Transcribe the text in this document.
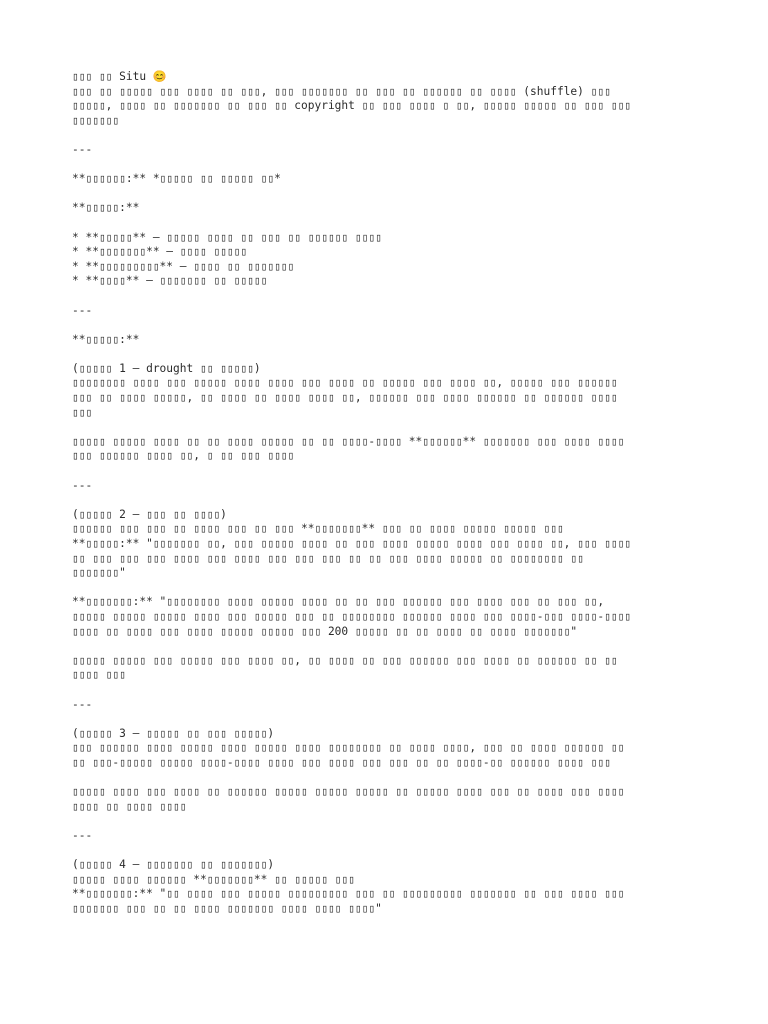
▯▯▯ ▯▯ Situ 😊
▯▯▯ ▯▯ ▯▯▯▯▯ ▯▯▯ ▯▯▯▯ ▯▯ ▯▯▯, ▯▯▯ ▯▯▯▯▯▯▯ ▯▯ ▯▯▯ ▯▯ ▯▯▯▯▯▯ ▯▯ ▯▯▯▯ (shuffle) ▯▯▯
▯▯▯▯▯, ▯▯▯▯ ▯▯ ▯▯▯▯▯▯▯ ▯▯ ▯▯▯ ▯▯ copyright ▯▯ ▯▯▯ ▯▯▯▯ ▯ ▯▯, ▯▯▯▯▯ ▯▯▯▯▯ ▯▯ ▯▯▯ ▯▯▯
▯▯▯▯▯▯▯
---
**▯▯▯▯▯▯:** *▯▯▯▯▯ ▯▯ ▯▯▯▯▯ ▯▯*
**▯▯▯▯▯:**
* **▯▯▯▯▯** – ▯▯▯▯▯ ▯▯▯▯ ▯▯ ▯▯▯ ▯▯ ▯▯▯▯▯▯ ▯▯▯▯
* **▯▯▯▯▯▯▯** – ▯▯▯▯ ▯▯▯▯▯
* **▯▯▯▯▯▯▯▯▯** – ▯▯▯▯ ▯▯ ▯▯▯▯▯▯▯
* **▯▯▯▯** – ▯▯▯▯▯▯▯ ▯▯ ▯▯▯▯▯
---
**▯▯▯▯▯:**
(▯▯▯▯▯ 1 – drought ▯▯ ▯▯▯▯▯)
▯▯▯▯▯▯▯▯ ▯▯▯▯ ▯▯▯ ▯▯▯▯▯ ▯▯▯▯ ▯▯▯▯ ▯▯▯ ▯▯▯▯ ▯▯ ▯▯▯▯▯ ▯▯▯ ▯▯▯▯ ▯▯, ▯▯▯▯▯ ▯▯▯ ▯▯▯▯▯▯
▯▯▯ ▯▯ ▯▯▯▯ ▯▯▯▯▯, ▯▯ ▯▯▯▯ ▯▯ ▯▯▯▯ ▯▯▯▯ ▯▯, ▯▯▯▯▯▯ ▯▯▯ ▯▯▯▯ ▯▯▯▯▯▯ ▯▯ ▯▯▯▯▯▯ ▯▯▯▯
▯▯▯
▯▯▯▯▯ ▯▯▯▯▯ ▯▯▯▯ ▯▯ ▯▯ ▯▯▯▯ ▯▯▯▯▯ ▯▯ ▯▯ ▯▯▯▯-▯▯▯▯ **▯▯▯▯▯▯** ▯▯▯▯▯▯▯ ▯▯▯ ▯▯▯▯ ▯▯▯▯
▯▯▯ ▯▯▯▯▯▯ ▯▯▯▯ ▯▯, ▯ ▯▯ ▯▯▯ ▯▯▯▯
---
(▯▯▯▯▯ 2 – ▯▯▯ ▯▯ ▯▯▯▯)
▯▯▯▯▯▯ ▯▯▯ ▯▯▯ ▯▯ ▯▯▯▯ ▯▯▯ ▯▯ ▯▯▯ **▯▯▯▯▯▯▯** ▯▯▯ ▯▯ ▯▯▯▯ ▯▯▯▯▯ ▯▯▯▯▯ ▯▯▯
**▯▯▯▯▯:** "▯▯▯▯▯▯▯ ▯▯, ▯▯▯ ▯▯▯▯▯ ▯▯▯▯ ▯▯ ▯▯▯ ▯▯▯▯ ▯▯▯▯▯ ▯▯▯▯ ▯▯▯ ▯▯▯▯ ▯▯, ▯▯▯ ▯▯▯▯
▯▯ ▯▯▯ ▯▯▯ ▯▯▯ ▯▯▯▯ ▯▯▯ ▯▯▯▯ ▯▯▯ ▯▯▯ ▯▯▯ ▯▯ ▯▯ ▯▯▯ ▯▯▯▯ ▯▯▯▯▯ ▯▯ ▯▯▯▯▯▯▯▯ ▯▯
▯▯▯▯▯▯▯"
**▯▯▯▯▯▯▯:** "▯▯▯▯▯▯▯▯ ▯▯▯▯ ▯▯▯▯▯ ▯▯▯▯ ▯▯ ▯▯ ▯▯▯ ▯▯▯▯▯▯ ▯▯▯ ▯▯▯▯ ▯▯▯ ▯▯ ▯▯▯ ▯▯,
▯▯▯▯▯ ▯▯▯▯▯ ▯▯▯▯▯ ▯▯▯▯ ▯▯▯ ▯▯▯▯▯ ▯▯▯ ▯▯ ▯▯▯▯▯▯▯▯ ▯▯▯▯▯▯ ▯▯▯▯ ▯▯▯ ▯▯▯▯-▯▯▯ ▯▯▯▯-▯▯▯▯
▯▯▯▯ ▯▯ ▯▯▯▯ ▯▯▯ ▯▯▯▯ ▯▯▯▯▯ ▯▯▯▯▯ ▯▯▯ 200 ▯▯▯▯▯ ▯▯ ▯▯ ▯▯▯▯ ▯▯ ▯▯▯▯ ▯▯▯▯▯▯▯"
▯▯▯▯▯ ▯▯▯▯▯ ▯▯▯ ▯▯▯▯▯ ▯▯▯ ▯▯▯▯ ▯▯, ▯▯ ▯▯▯▯ ▯▯ ▯▯▯ ▯▯▯▯▯▯ ▯▯▯ ▯▯▯▯ ▯▯ ▯▯▯▯▯▯ ▯▯ ▯▯
▯▯▯▯ ▯▯▯
---
(▯▯▯▯▯ 3 – ▯▯▯▯▯ ▯▯ ▯▯▯ ▯▯▯▯▯)
▯▯▯ ▯▯▯▯▯▯ ▯▯▯▯ ▯▯▯▯▯ ▯▯▯▯ ▯▯▯▯▯ ▯▯▯▯ ▯▯▯▯▯▯▯▯ ▯▯ ▯▯▯▯ ▯▯▯▯, ▯▯▯ ▯▯ ▯▯▯▯ ▯▯▯▯▯▯ ▯▯
▯▯ ▯▯▯-▯▯▯▯▯ ▯▯▯▯▯ ▯▯▯▯-▯▯▯▯ ▯▯▯▯ ▯▯▯ ▯▯▯▯ ▯▯▯ ▯▯▯ ▯▯ ▯▯ ▯▯▯▯-▯▯ ▯▯▯▯▯▯ ▯▯▯▯ ▯▯▯
▯▯▯▯▯ ▯▯▯▯ ▯▯▯ ▯▯▯▯ ▯▯ ▯▯▯▯▯▯ ▯▯▯▯▯ ▯▯▯▯▯ ▯▯▯▯▯ ▯▯ ▯▯▯▯▯ ▯▯▯▯ ▯▯▯ ▯▯ ▯▯▯▯ ▯▯▯ ▯▯▯▯
▯▯▯▯ ▯▯ ▯▯▯▯ ▯▯▯▯
---
(▯▯▯▯▯ 4 – ▯▯▯▯▯▯▯ ▯▯ ▯▯▯▯▯▯▯)
▯▯▯▯▯ ▯▯▯▯ ▯▯▯▯▯▯ **▯▯▯▯▯▯▯** ▯▯ ▯▯▯▯▯ ▯▯▯
**▯▯▯▯▯▯▯:** "▯▯ ▯▯▯▯ ▯▯▯ ▯▯▯▯▯ ▯▯▯▯▯▯▯▯▯ ▯▯▯ ▯▯ ▯▯▯▯▯▯▯▯▯ ▯▯▯▯▯▯▯ ▯▯ ▯▯▯ ▯▯▯▯ ▯▯▯
▯▯▯▯▯▯▯ ▯▯▯ ▯▯ ▯▯ ▯▯▯▯ ▯▯▯▯▯▯▯ ▯▯▯▯ ▯▯▯▯ ▯▯▯▯"
